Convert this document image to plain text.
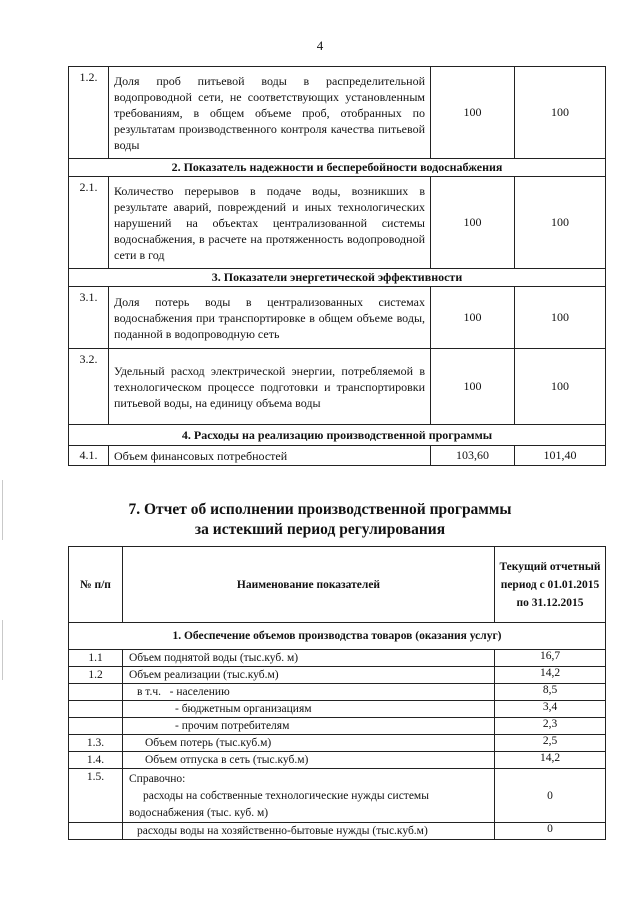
4
1.2.	Доля проб питьевой воды в распределительной водопроводной сети, не соответствующих установленным требованиям, в общем объеме проб, отобранных по результатам производственного контроля качества питьевой воды	100	100
2. Показатель надежности и бесперебойности водоснабжения			
2.1.	Количество перерывов в подаче воды, возникших в результате аварий, повреждений и иных технологических нарушений на объектах централизованной системы водоснабжения, в расчете на протяженность водопроводной сети в год	100	100
3. Показатели энергетической эффективности			
3.1.	Доля потерь воды в централизованных системах водоснабжения при транспортировке в общем объеме воды, поданной в водопроводную сеть	100	100
3.2.	Удельный расход электрической энергии, потребляемой в технологическом процессе подготовки и транспортировки питьевой воды, на единицу объема воды	100	100
4. Расходы на реализацию производственной программы			
4.1.	Объем финансовых потребностей	103,60	101,40
7. Отчет об исполнении производственной программы
за истекший период регулирования
№ п/п	Наименование показателей	Текущий отчетный период с 01.01.2015 по 31.12.2015
1. Обеспечение объемов производства товаров (оказания услуг)		
1.1	Объем поднятой воды (тыс.куб. м)	16,7
1.2	Объем реализации (тыс.куб.м)	14,2
	в т.ч.   - населению	8,5
	- бюджетным организациям	3,4
	- прочим потребителям	2,3
1.3.	Объем потерь (тыс.куб.м)	2,5
1.4.	Объем отпуска в сеть (тыс.куб.м)	14,2
1.5.	Справочно:
расходы на собственные технологические нужды системы
водоснабжения (тыс. куб. м)	0
	расходы воды на хозяйственно-бытовые нужды (тыс.куб.м)	0
